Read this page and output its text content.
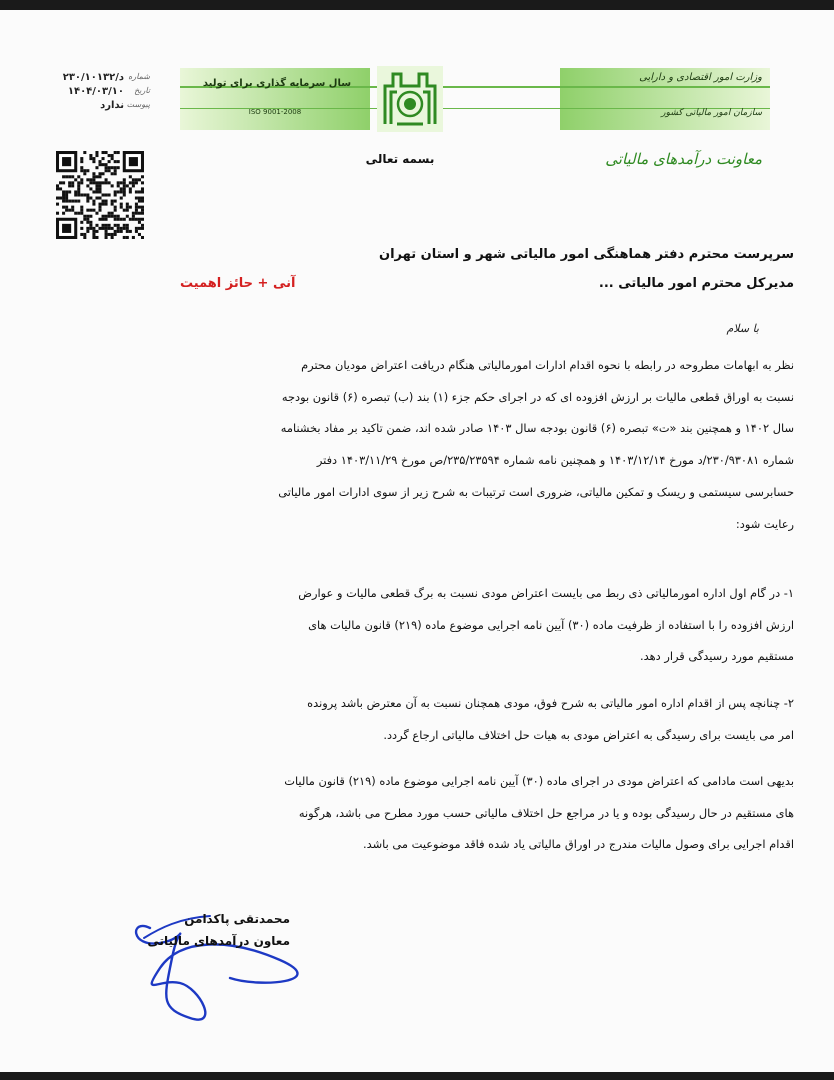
سال سرمایه گذاری برای تولید
ISO 9001-2008
وزارت امور اقتصادی و دارایی
سازمان امور مالیاتی کشور
معاونت درآمدهای مالیاتی
شماره
د/۲۳۰/۱۰۱۳۲
تاریخ
۱۴۰۴/۰۳/۱۰
پیوست
ندارد
بسمه تعالی
سرپرست محترم دفتر هماهنگی امور مالیاتی شهر و استان تهران
مدیرکل محترم امور مالیاتی ...
آنی + حائز اهمیت
با سلام
نظر به ابهامات مطروحه در رابطه با نحوه اقدام ادارات امورمالیاتی هنگام دریافت اعتراض مودیان محترم
نسبت به اوراق قطعی مالیات بر ارزش افزوده ای که در اجرای حکم جزء (۱) بند (ب) تبصره (۶) قانون بودجه
سال ۱۴۰۲ و همچنین بند «ت» تبصره (۶) قانون بودجه سال ۱۴۰۳ صادر شده اند، ضمن تاکید بر مفاد بخشنامه
شماره ۲۳۰/۹۳۰۸۱/د مورخ ۱۴۰۳/۱۲/۱۴ و همچنین نامه شماره ۲۳۵/۲۳۵۹۴/ص مورخ ۱۴۰۳/۱۱/۲۹ دفتر
حسابرسی سیستمی و ریسک و تمکین مالیاتی، ضروری است ترتیبات به شرح زیر از سوی ادارات امور مالیاتی
رعایت شود:
۱- در گام اول اداره امورمالیاتی ذی ربط می بایست اعتراض مودی نسبت به برگ قطعی مالیات و عوارض
ارزش افزوده را با استفاده از ظرفیت ماده (۳۰) آیین نامه اجرایی موضوع ماده (۲۱۹) قانون مالیات های
مستقیم مورد رسیدگی قرار دهد.
۲- چنانچه پس از اقدام اداره امور مالیاتی به شرح فوق، مودی همچنان نسبت به آن معترض باشد پرونده
امر می بایست برای رسیدگی به اعتراض مودی به هیات حل اختلاف مالیاتی ارجاع گردد.
بدیهی است مادامی که اعتراض مودی در اجرای ماده (۳۰) آیین نامه اجرایی موضوع ماده (۲۱۹) قانون مالیات
های مستقیم در حال رسیدگی بوده و یا در مراجع حل اختلاف مالیاتی حسب مورد مطرح می باشد، هرگونه
اقدام اجرایی برای وصول مالیات مندرج در اوراق مالیاتی یاد شده فاقد موضوعیت می باشد.
محمدتقی پاکدامن
معاون درآمدهای مالیاتی
